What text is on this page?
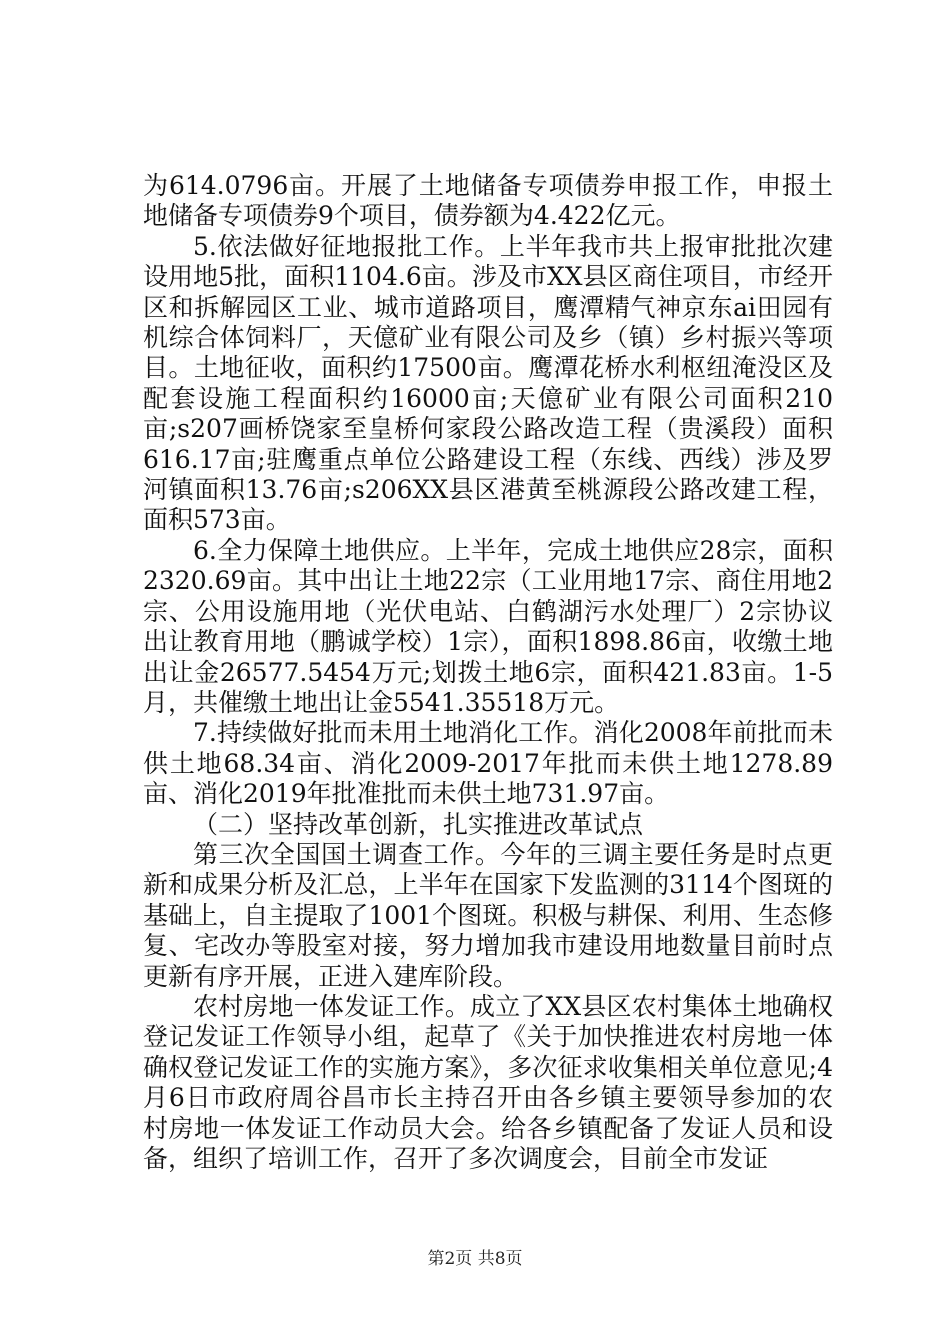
为614.0796亩。开展了土地储备专项债券申报工作，申报土地储备专项债券9个项目，债券额为4.422亿元。

5.依法做好征地报批工作。上半年我市共上报审批批次建设用地5批，面积1104.6亩。涉及市XX县区商住项目，市经开区和拆解园区工业、城市道路项目，鹰潭精气神京东ai田园有机综合体饲料厂，天億矿业有限公司及乡（镇）乡村振兴等项目。土地征收，面积约17500亩。鹰潭花桥水利枢纽淹没区及配套设施工程面积约16000亩;天億矿业有限公司面积210亩;s207画桥饶家至皇桥何家段公路改造工程（贵溪段）面积616.17亩;驻鹰重点单位公路建设工程（东线、西线）涉及罗河镇面积13.76亩;s206XX县区港黄至桃源段公路改建工程，面积573亩。

6.全力保障土地供应。上半年，完成土地供应28宗，面积2320.69亩。其中出让土地22宗（工业用地17宗、商住用地2宗、公用设施用地（光伏电站、白鹤湖污水处理厂）2宗协议出让教育用地（鹏诚学校）1宗），面积1898.86亩，收缴土地出让金26577.5454万元;划拨土地6宗，面积421.83亩。1-5月，共催缴土地出让金5541.35518万元。

7.持续做好批而未用土地消化工作。消化2008年前批而未供土地68.34亩、消化2009-2017年批而未供土地1278.89亩、消化2019年批准批而未供土地731.97亩。

（二）坚持改革创新，扎实推进改革试点

第三次全国国土调查工作。今年的三调主要任务是时点更新和成果分析及汇总，上半年在国家下发监测的3114个图斑的基础上，自主提取了1001个图斑。积极与耕保、利用、生态修复、宅改办等股室对接，努力增加我市建设用地数量目前时点更新有序开展，正进入建库阶段。

农村房地一体发证工作。成立了XX县区农村集体土地确权登记发证工作领导小组，起草了《关于加快推进农村房地一体确权登记发证工作的实施方案》，多次征求收集相关单位意见;4月6日市政府周谷昌市长主持召开由各乡镇主要领导参加的农村房地一体发证工作动员大会。给各乡镇配备了发证人员和设备，组织了培训工作，召开了多次调度会，目前全市发证

第2页 共8页
